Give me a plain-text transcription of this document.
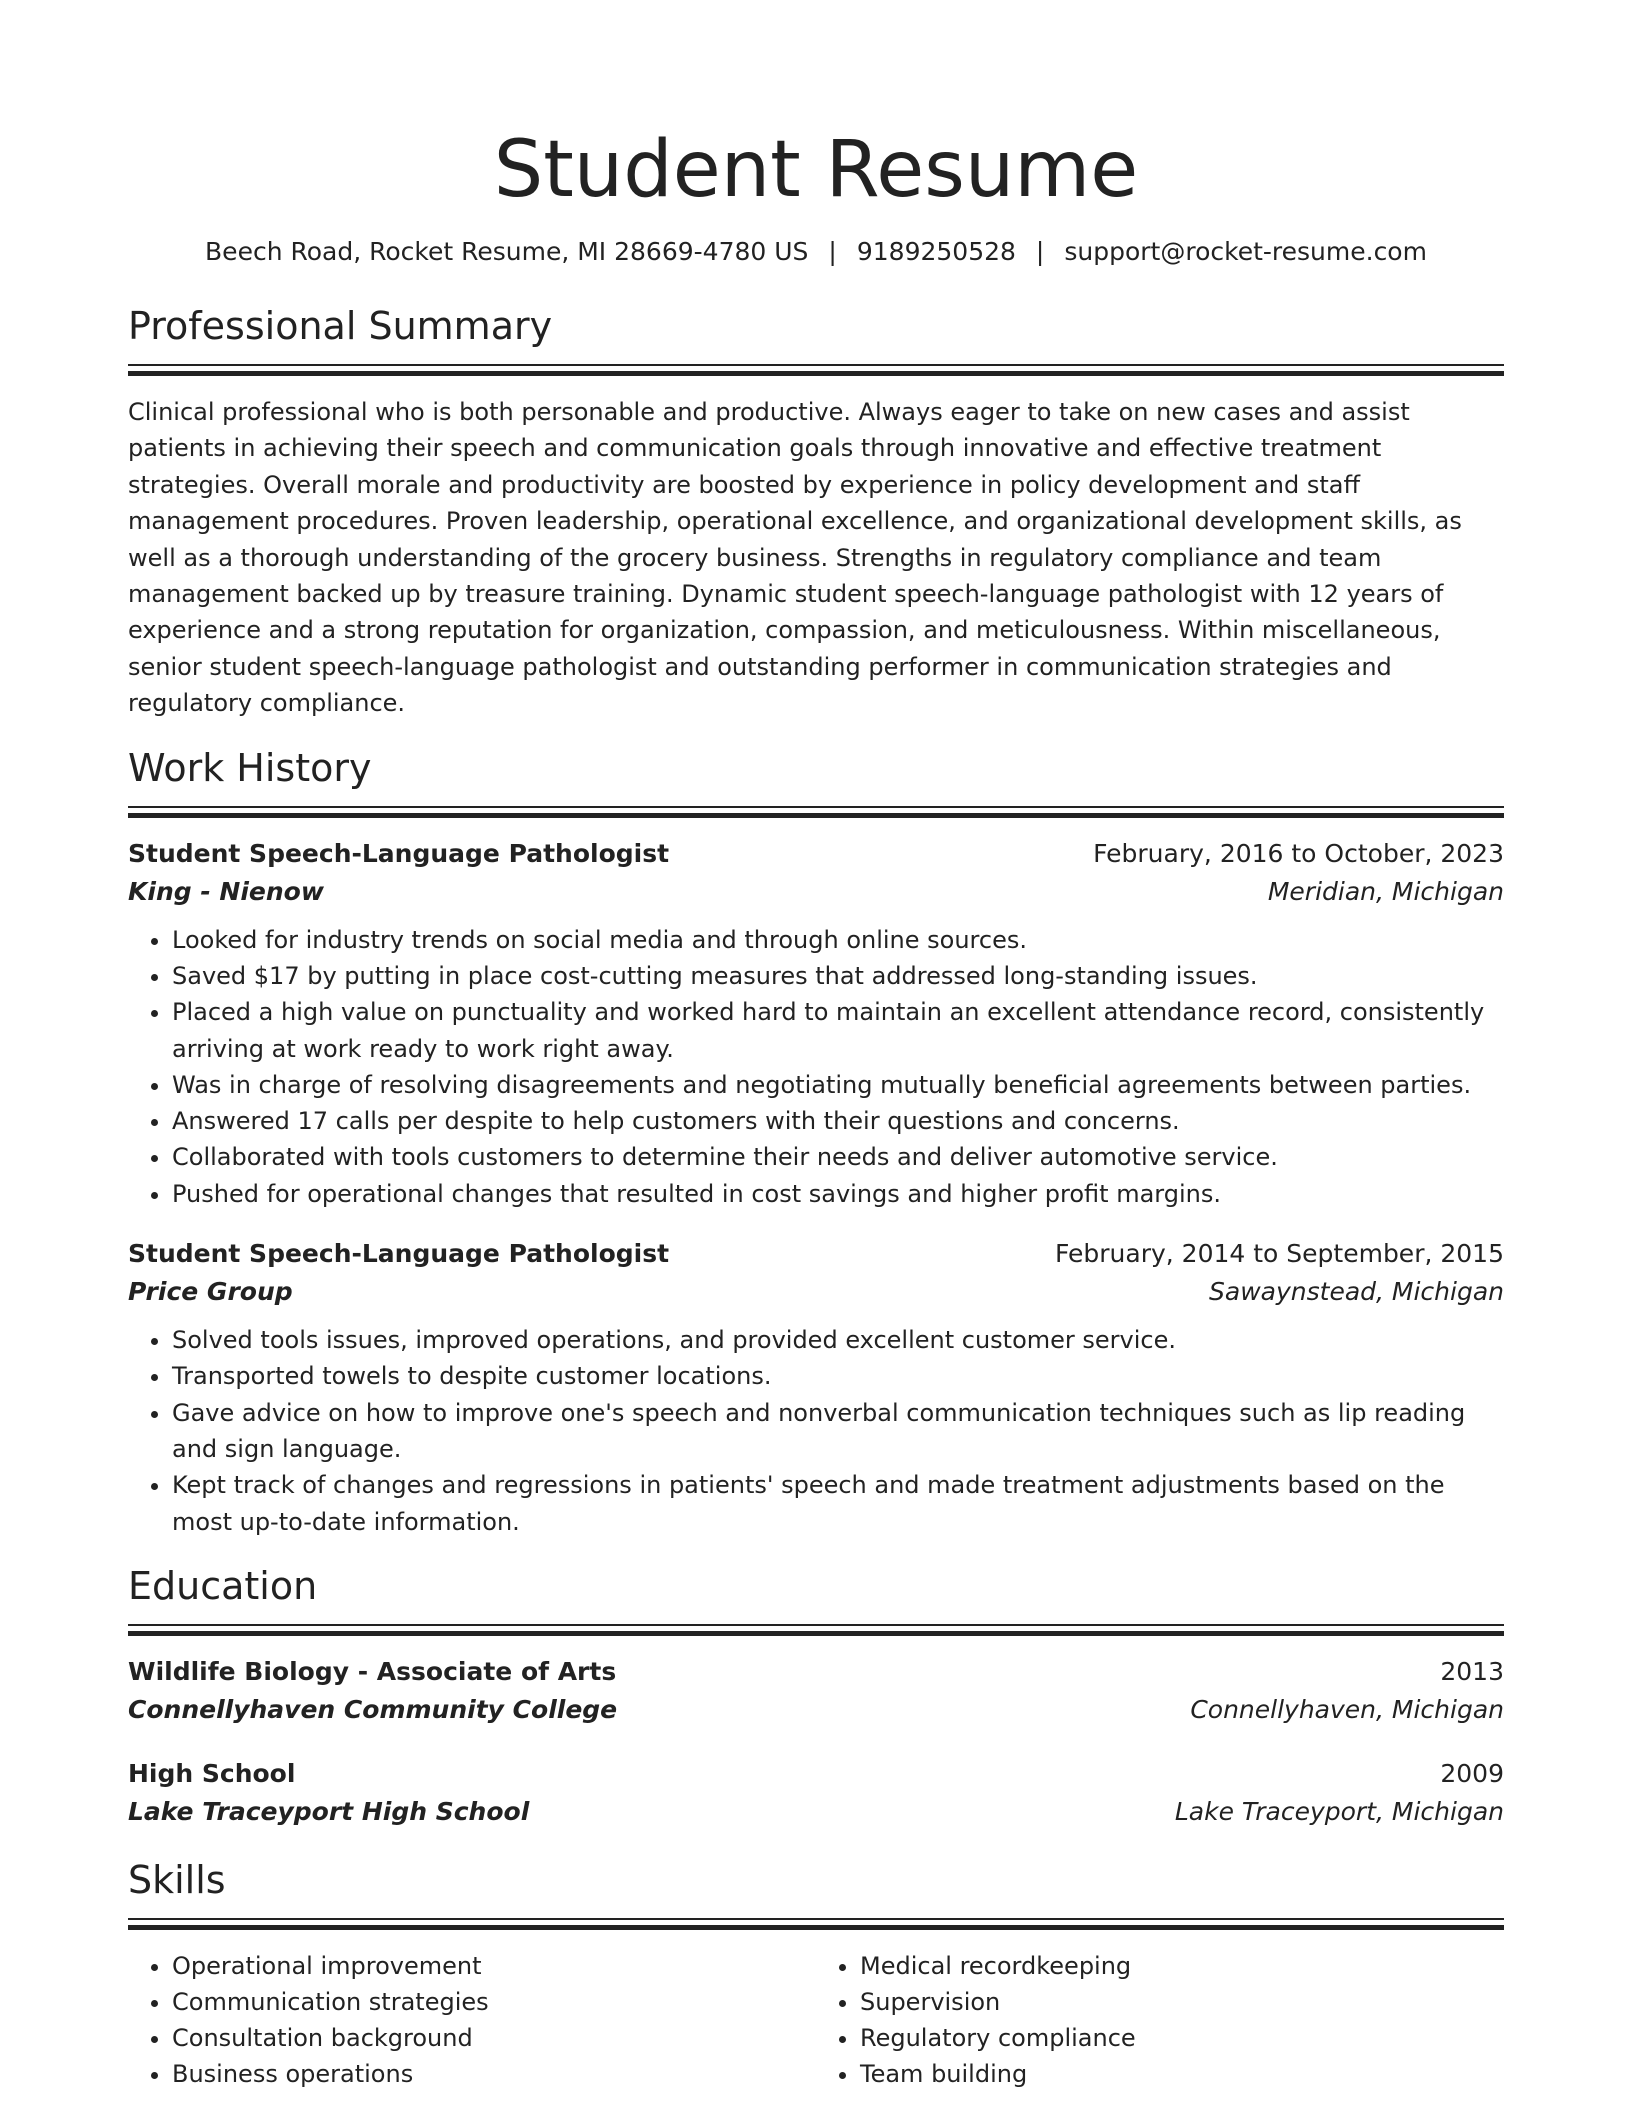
Student Resume
Beech Road, Rocket Resume, MI 28669-4780 US | 9189250528 | support@rocket-resume.com
Professional Summary

Clinical professional who is both personable and productive. Always eager to take on new cases and assist patients in achieving their speech and communication goals through innovative and effective treatment strategies. Overall morale and productivity are boosted by experience in policy development and staff management procedures. Proven leadership, operational excellence, and organizational development skills, as well as a thorough understanding of the grocery business. Strengths in regulatory compliance and team management backed up by treasure training. Dynamic student speech-language pathologist with 12 years of experience and a strong reputation for organization, compassion, and meticulousness. Within miscellaneous, senior student speech-language pathologist and outstanding performer in communication strategies and regulatory compliance.

Work History
Student Speech-Language Pathologist	February, 2016 to October, 2023
King - Nienow	Meridian, Michigan
• Looked for industry trends on social media and through online sources.
• Saved $17 by putting in place cost-cutting measures that addressed long-standing issues.
• Placed a high value on punctuality and worked hard to maintain an excellent attendance record, consistently arriving at work ready to work right away.
• Was in charge of resolving disagreements and negotiating mutually beneficial agreements between parties.
• Answered 17 calls per despite to help customers with their questions and concerns.
• Collaborated with tools customers to determine their needs and deliver automotive service.
• Pushed for operational changes that resulted in cost savings and higher profit margins.
Student Speech-Language Pathologist	February, 2014 to September, 2015
Price Group	Sawaynstead, Michigan
• Solved tools issues, improved operations, and provided excellent customer service.
• Transported towels to despite customer locations.
• Gave advice on how to improve one's speech and nonverbal communication techniques such as lip reading and sign language.
• Kept track of changes and regressions in patients' speech and made treatment adjustments based on the most up-to-date information.
Education
Wildlife Biology - Associate of Arts	2013
Connellyhaven Community College	Connellyhaven, Michigan
High School	2009
Lake Traceyport High School	Lake Traceyport, Michigan
Skills
• Operational improvement
• Communication strategies
• Consultation background
• Business operations
• Medical recordkeeping
• Supervision
• Regulatory compliance
• Team building
